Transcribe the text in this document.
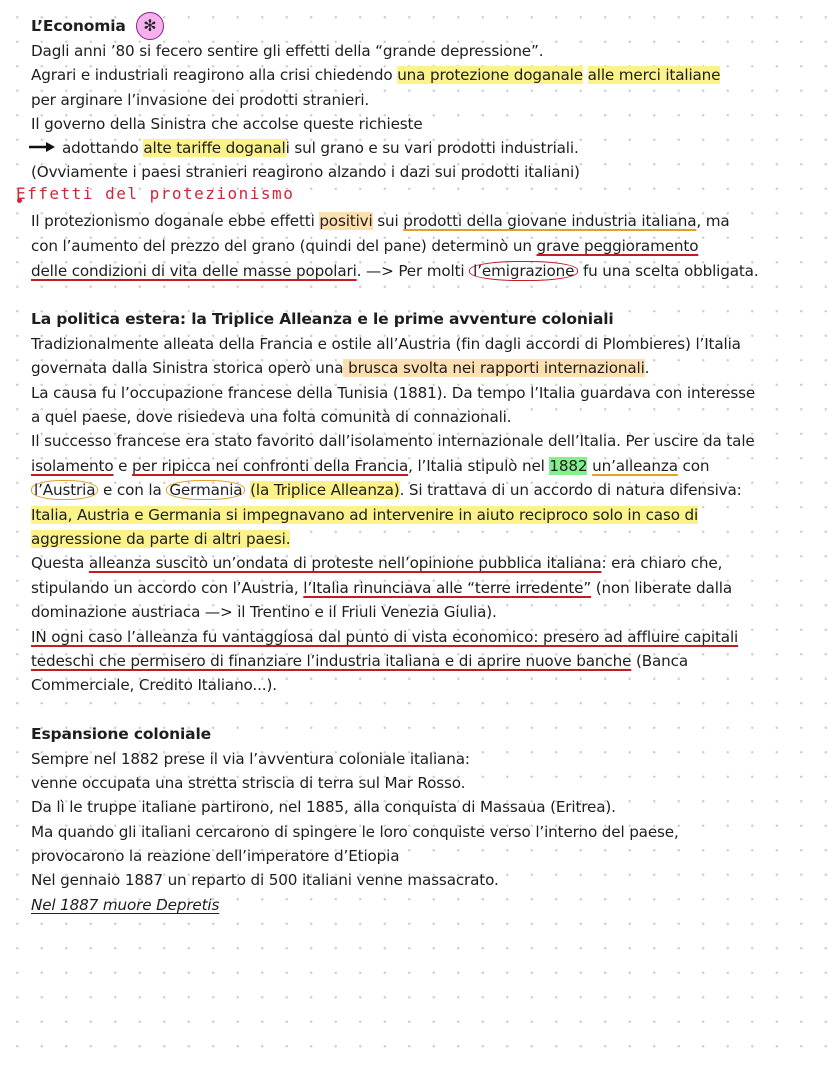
L’Economia	✻
Dagli anni ’80 si fecero sentire gli effetti della “grande depressione”.
Agrari e industriali reagirono alla crisi chiedendo una protezione doganale alle merci italiane
per arginare l’invasione dei prodotti stranieri.
Il governo della Sinistra che accolse queste richieste
adottando alte tariffe doganali sul grano e su vari prodotti industriali.
(Ovviamente i paesi stranieri reagirono alzando i dazi sui prodotti italiani)
Effetti del protezionismo
Il protezionismo doganale ebbe effetti positivi sui prodotti della giovane industria italiana, ma
con l’aumento del prezzo del grano (quindi del pane) determinò un grave peggioramento
delle condizioni di vita delle masse popolari. —> Per molti l’emigrazione fu una scelta obbligata.
La politica estera: la Triplice Alleanza e le prime avventure coloniali
Tradizionalmente alleata della Francia e ostile all’Austria (fin dagli accordi di Plombieres) l’Italia
governata dalla Sinistra storica operò una brusca svolta nei rapporti internazionali.
La causa fu l’occupazione francese della Tunisia (1881). Da tempo l’Italia guardava con interesse
a quel paese, dove risiedeva una folta comunità di connazionali.
Il successo francese era stato favorito dall’isolamento internazionale dell’Italia. Per uscire da tale
isolamento e per ripicca nei confronti della Francia, l’Italia stipulò nel 1882 un’alleanza con
l’Austria e con la Germania (la Triplice Alleanza). Si trattava di un accordo di natura difensiva:
Italia, Austria e Germania si impegnavano ad intervenire in aiuto reciproco solo in caso di
aggressione da parte di altri paesi.
Questa alleanza suscitò un’ondata di proteste nell’opinione pubblica italiana: era chiaro che,
stipulando un accordo con l’Austria, l’Italia rinunciava alle “terre irredente” (non liberate dalla
dominazione austriaca —> il Trentino e il Friuli Venezia Giulia).
IN ogni caso l’alleanza fu vantaggiosa dal punto di vista economico: presero ad affluire capitali
tedeschi che permisero di finanziare l’industria italiana e di aprire nuove banche (Banca
Commerciale, Credito Italiano...).
Espansione coloniale
Sempre nel 1882 prese il via l’avventura coloniale italiana:
venne occupata una stretta striscia di terra sul Mar Rosso.
Da lì le truppe italiane partirono, nel 1885, alla conquista di Massaua (Eritrea).
Ma quando gli italiani cercarono di spingere le loro conquiste verso l’interno del paese,
provocarono la reazione dell’imperatore d’Etiopia
Nel gennaio 1887 un reparto di 500 italiani venne massacrato.
Nel 1887 muore Depretis
